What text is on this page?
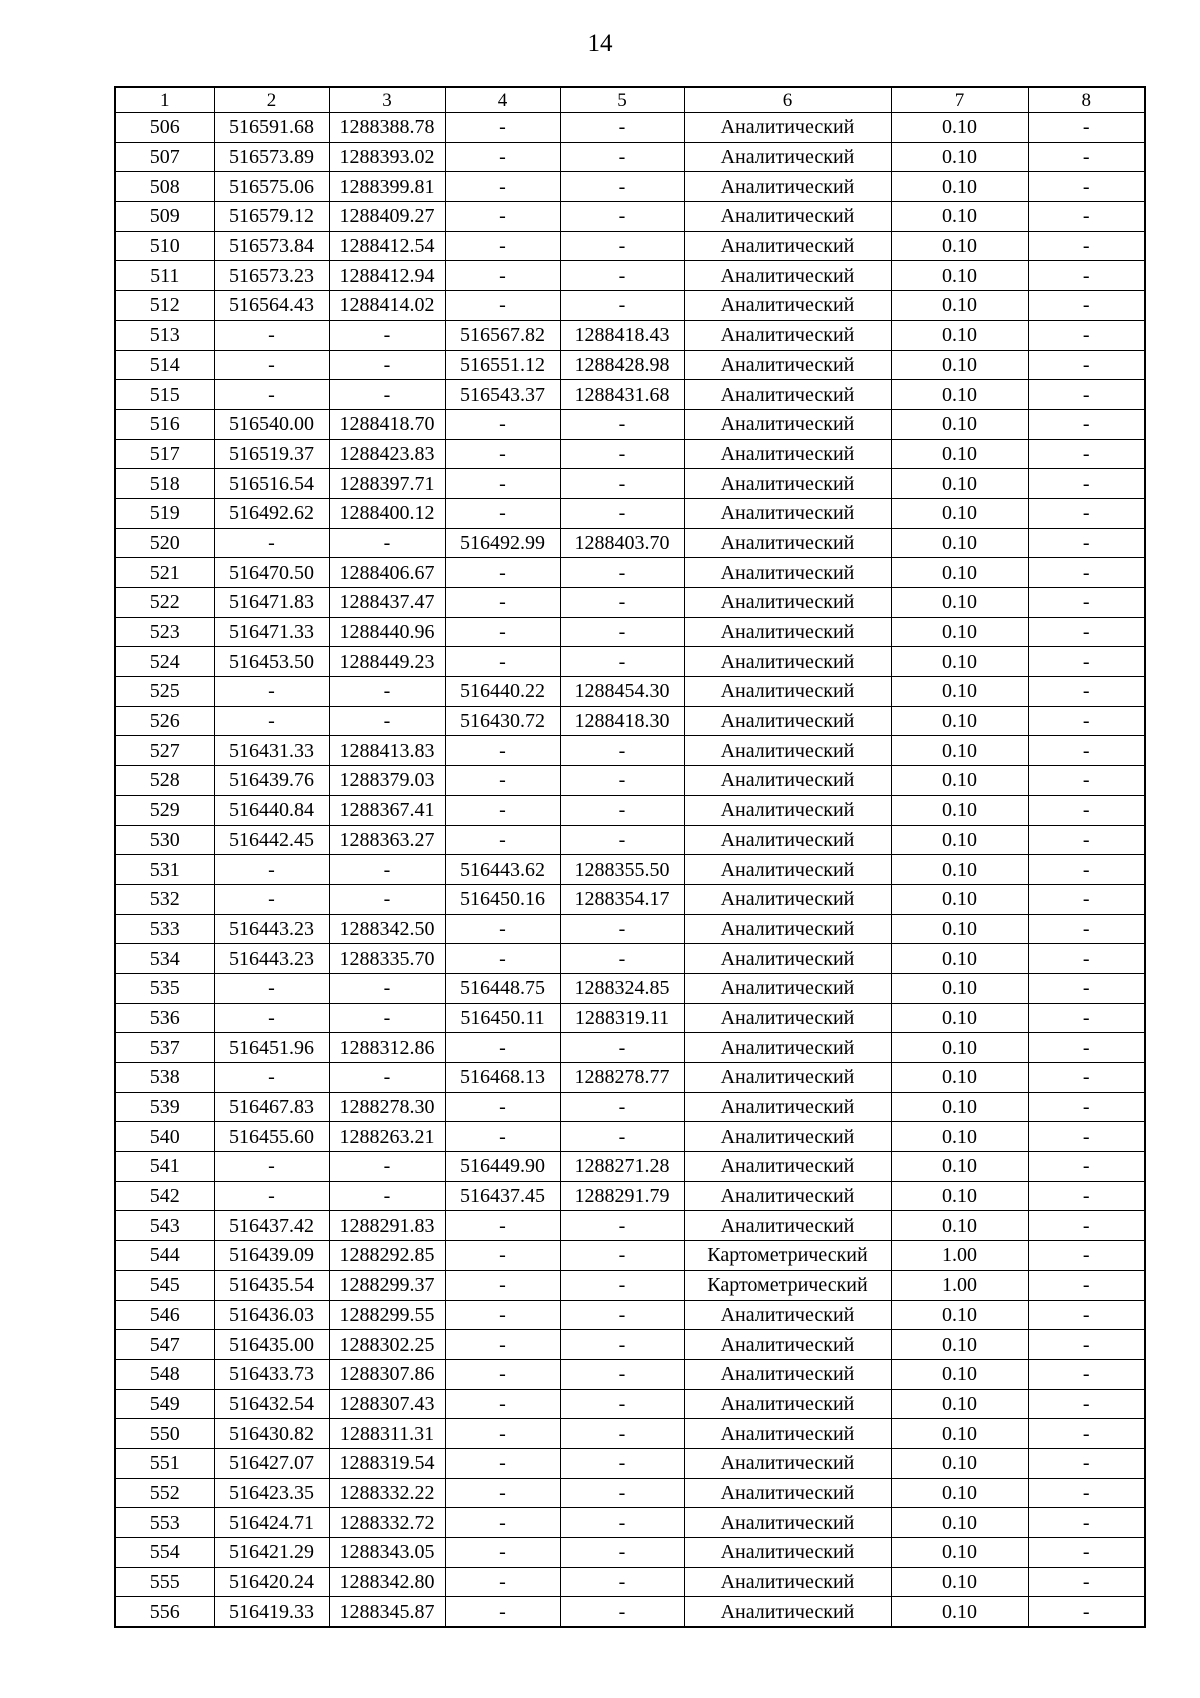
14
1	2	3	4	5	6	7	8
506	516591.68	1288388.78	-	-	Аналитический	0.10	-
507	516573.89	1288393.02	-	-	Аналитический	0.10	-
508	516575.06	1288399.81	-	-	Аналитический	0.10	-
509	516579.12	1288409.27	-	-	Аналитический	0.10	-
510	516573.84	1288412.54	-	-	Аналитический	0.10	-
511	516573.23	1288412.94	-	-	Аналитический	0.10	-
512	516564.43	1288414.02	-	-	Аналитический	0.10	-
513	-	-	516567.82	1288418.43	Аналитический	0.10	-
514	-	-	516551.12	1288428.98	Аналитический	0.10	-
515	-	-	516543.37	1288431.68	Аналитический	0.10	-
516	516540.00	1288418.70	-	-	Аналитический	0.10	-
517	516519.37	1288423.83	-	-	Аналитический	0.10	-
518	516516.54	1288397.71	-	-	Аналитический	0.10	-
519	516492.62	1288400.12	-	-	Аналитический	0.10	-
520	-	-	516492.99	1288403.70	Аналитический	0.10	-
521	516470.50	1288406.67	-	-	Аналитический	0.10	-
522	516471.83	1288437.47	-	-	Аналитический	0.10	-
523	516471.33	1288440.96	-	-	Аналитический	0.10	-
524	516453.50	1288449.23	-	-	Аналитический	0.10	-
525	-	-	516440.22	1288454.30	Аналитический	0.10	-
526	-	-	516430.72	1288418.30	Аналитический	0.10	-
527	516431.33	1288413.83	-	-	Аналитический	0.10	-
528	516439.76	1288379.03	-	-	Аналитический	0.10	-
529	516440.84	1288367.41	-	-	Аналитический	0.10	-
530	516442.45	1288363.27	-	-	Аналитический	0.10	-
531	-	-	516443.62	1288355.50	Аналитический	0.10	-
532	-	-	516450.16	1288354.17	Аналитический	0.10	-
533	516443.23	1288342.50	-	-	Аналитический	0.10	-
534	516443.23	1288335.70	-	-	Аналитический	0.10	-
535	-	-	516448.75	1288324.85	Аналитический	0.10	-
536	-	-	516450.11	1288319.11	Аналитический	0.10	-
537	516451.96	1288312.86	-	-	Аналитический	0.10	-
538	-	-	516468.13	1288278.77	Аналитический	0.10	-
539	516467.83	1288278.30	-	-	Аналитический	0.10	-
540	516455.60	1288263.21	-	-	Аналитический	0.10	-
541	-	-	516449.90	1288271.28	Аналитический	0.10	-
542	-	-	516437.45	1288291.79	Аналитический	0.10	-
543	516437.42	1288291.83	-	-	Аналитический	0.10	-
544	516439.09	1288292.85	-	-	Картометрический	1.00	-
545	516435.54	1288299.37	-	-	Картометрический	1.00	-
546	516436.03	1288299.55	-	-	Аналитический	0.10	-
547	516435.00	1288302.25	-	-	Аналитический	0.10	-
548	516433.73	1288307.86	-	-	Аналитический	0.10	-
549	516432.54	1288307.43	-	-	Аналитический	0.10	-
550	516430.82	1288311.31	-	-	Аналитический	0.10	-
551	516427.07	1288319.54	-	-	Аналитический	0.10	-
552	516423.35	1288332.22	-	-	Аналитический	0.10	-
553	516424.71	1288332.72	-	-	Аналитический	0.10	-
554	516421.29	1288343.05	-	-	Аналитический	0.10	-
555	516420.24	1288342.80	-	-	Аналитический	0.10	-
556	516419.33	1288345.87	-	-	Аналитический	0.10	-
